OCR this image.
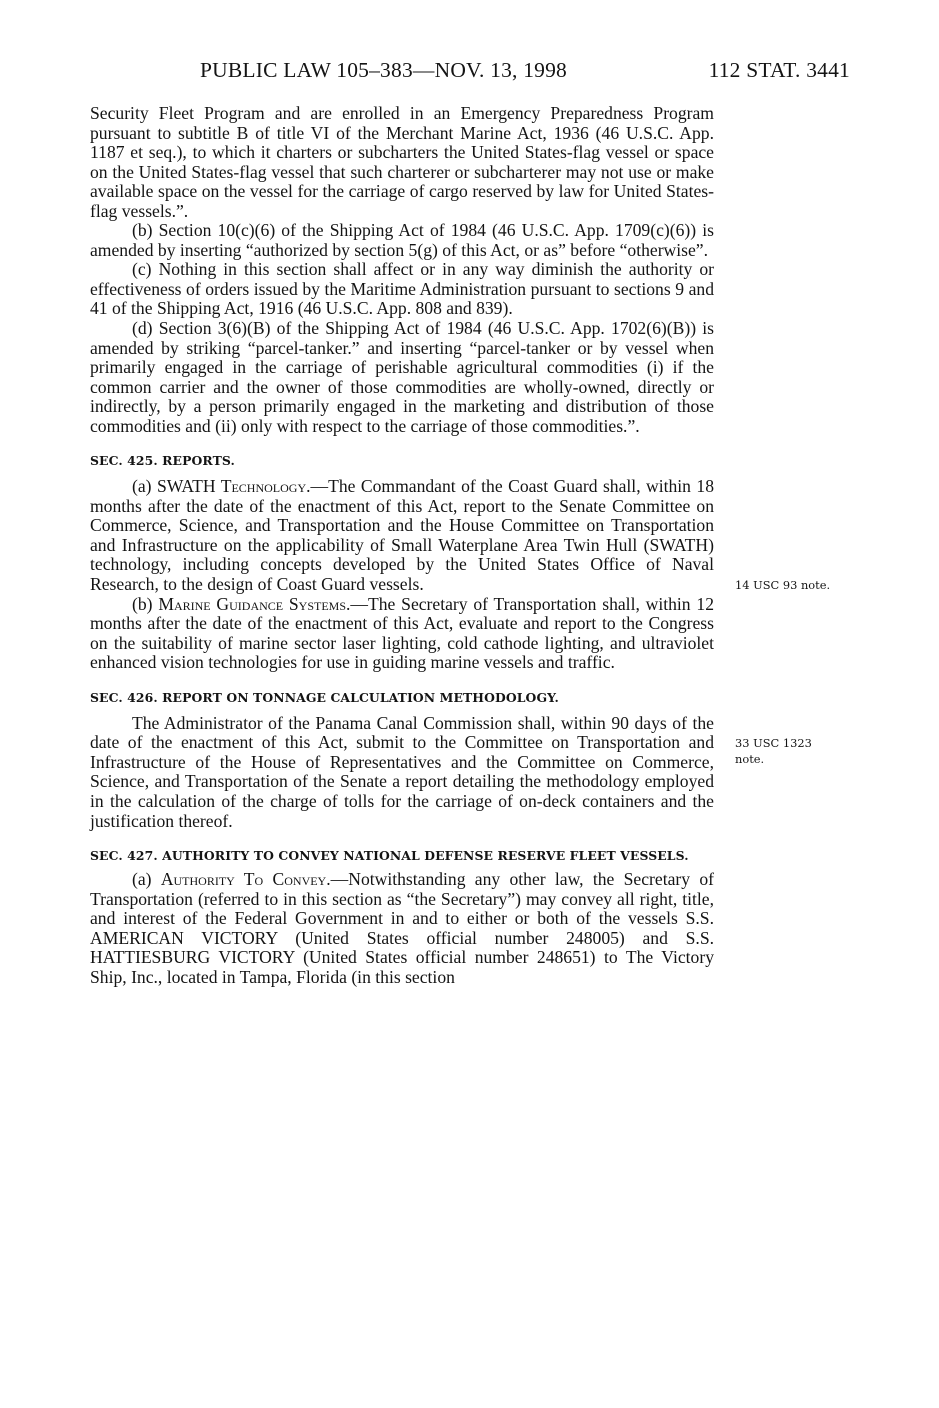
PUBLIC LAW 105–383—NOV. 13, 1998	112 STAT. 3441

Security Fleet Program and are enrolled in an Emergency Preparedness Program pursuant to subtitle B of title VI of the Merchant Marine Act, 1936 (46 U.S.C. App. 1187 et seq.), to which it charters or subcharters the United States-flag vessel or space on the United States-flag vessel that such charterer or subcharterer may not use or make available space on the vessel for the carriage of cargo reserved by law for United States-flag vessels.”.

(b) Section 10(c)(6) of the Shipping Act of 1984 (46 U.S.C. App. 1709(c)(6)) is amended by inserting “authorized by section 5(g) of this Act, or as” before “otherwise”.

(c) Nothing in this section shall affect or in any way diminish the authority or effectiveness of orders issued by the Maritime Administration pursuant to sections 9 and 41 of the Shipping Act, 1916 (46 U.S.C. App. 808 and 839).

(d) Section 3(6)(B) of the Shipping Act of 1984 (46 U.S.C. App. 1702(6)(B)) is amended by striking “parcel-tanker.” and inserting “parcel-tanker or by vessel when primarily engaged in the carriage of perishable agricultural commodities (i) if the common carrier and the owner of those commodities are wholly-owned, directly or indirectly, by a person primarily engaged in the marketing and distribution of those commodities and (ii) only with respect to the carriage of those commodities.”.

SEC. 425. REPORTS.

(a) SWATH Technology.—The Commandant of the Coast Guard shall, within 18 months after the date of the enactment of this Act, report to the Senate Committee on Commerce, Science, and Transportation and the House Committee on Transportation and Infrastructure on the applicability of Small Waterplane Area Twin Hull (SWATH) technology, including concepts developed by the United States Office of Naval Research, to the design of Coast Guard vessels.

(b) Marine Guidance Systems.—The Secretary of Transportation shall, within 12 months after the date of the enactment of this Act, evaluate and report to the Congress on the suitability of marine sector laser lighting, cold cathode lighting, and ultraviolet enhanced vision technologies for use in guiding marine vessels and traffic.

SEC. 426. REPORT ON TONNAGE CALCULATION METHODOLOGY.

The Administrator of the Panama Canal Commission shall, within 90 days of the date of the enactment of this Act, submit to the Committee on Transportation and Infrastructure of the House of Representatives and the Committee on Commerce, Science, and Transportation of the Senate a report detailing the methodology employed in the calculation of the charge of tolls for the carriage of on-deck containers and the justification thereof.

SEC. 427. AUTHORITY TO CONVEY NATIONAL DEFENSE RESERVE FLEET VESSELS.

(a) Authority To Convey.—Notwithstanding any other law, the Secretary of Transportation (referred to in this section as “the Secretary”) may convey all right, title, and interest of the Federal Government in and to either or both of the vessels S.S. AMERICAN VICTORY (United States official number 248005) and S.S. HATTIESBURG VICTORY (United States official number 248651) to The Victory Ship, Inc., located in Tampa, Florida (in this section

14 USC 93 note.
33 USC 1323
note.
